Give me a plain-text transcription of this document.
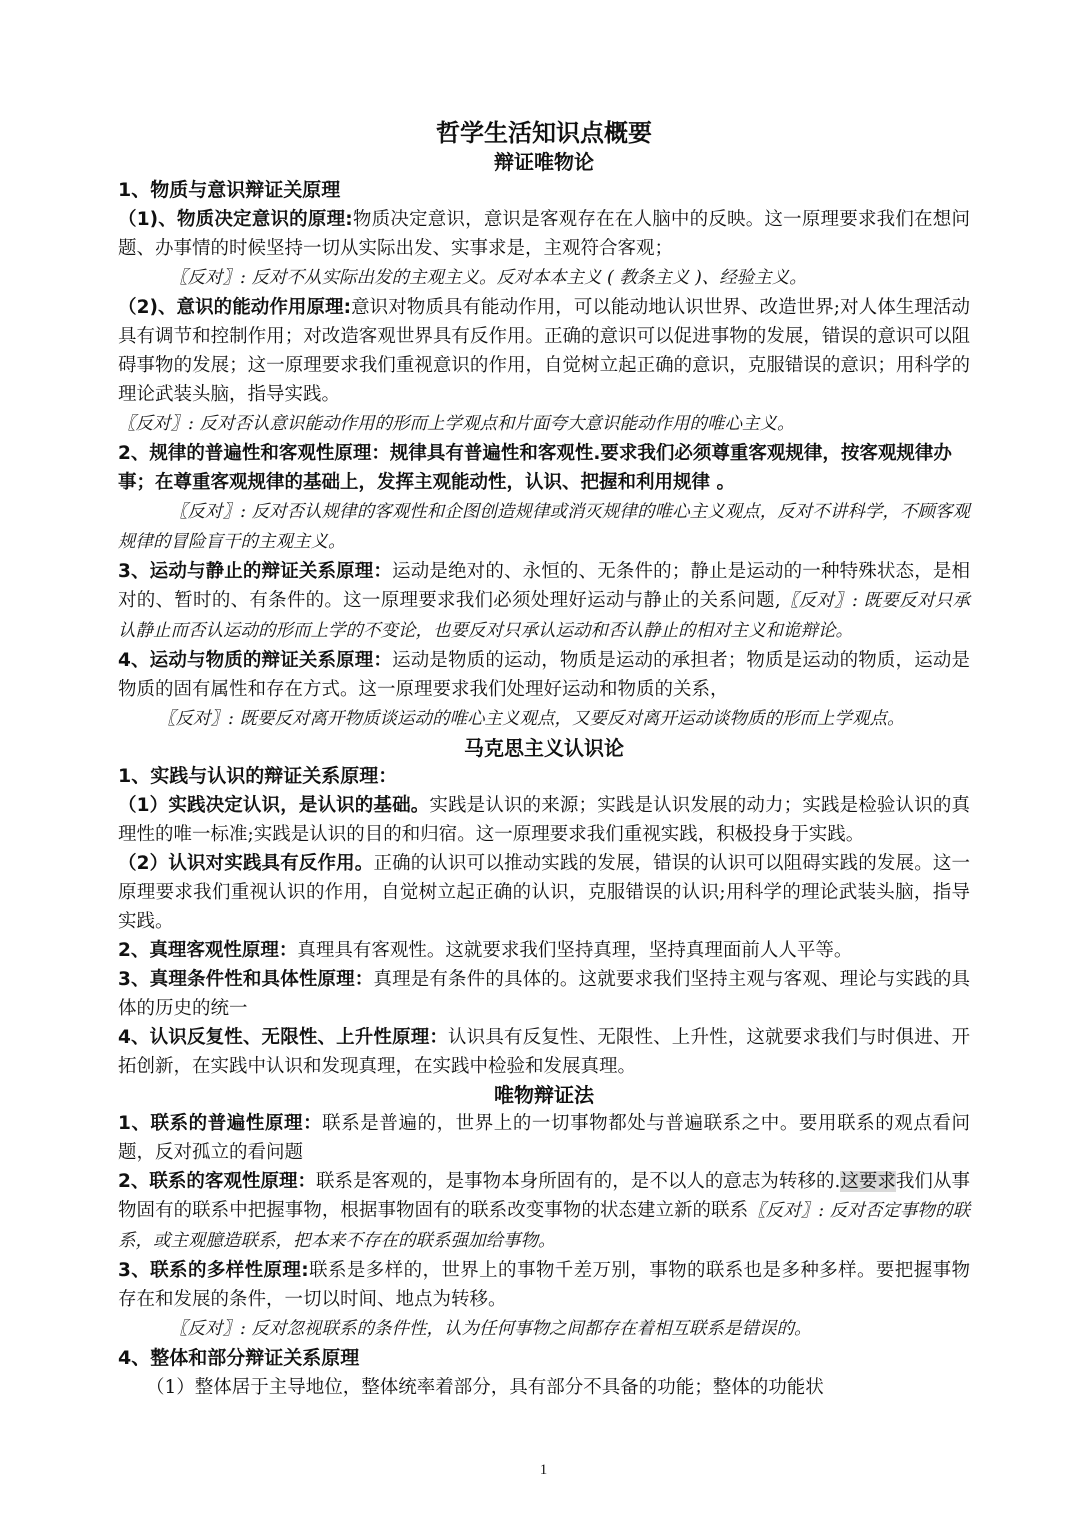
哲学生活知识点概要

辩证唯物论

1、物质与意识辩证关原理

（1)、物质决定意识的原理:物质决定意识，意识是客观存在在人脑中的反映。这一原理要求我们在想问题、办事情的时候坚持一切从实际出发、实事求是，主观符合客观；

〖反对〗: 反对不从实际出发的主观主义。反对本本主义 ( 教条主义 )、经验主义。

（2)、意识的能动作用原理:意识对物质具有能动作用，可以能动地认识世界、改造世界;对人体生理活动具有调节和控制作用；对改造客观世界具有反作用。正确的意识可以促进事物的发展，错误的意识可以阻碍事物的发展；这一原理要求我们重视意识的作用，自觉树立起正确的意识，克服错误的意识；用科学的理论武装头脑，指导实践。

〖反对〗: 反对否认意识能动作用的形而上学观点和片面夸大意识能动作用的唯心主义。

2、规律的普遍性和客观性原理：规律具有普遍性和客观性.要求我们必须尊重客观规律，按客观规律办事；在尊重客观规律的基础上，发挥主观能动性，认识、把握和利用规律 。

〖反对〗: 反对否认规律的客观性和企图创造规律或消灭规律的唯心主义观点，反对不讲科学，不顾客观规律的冒险盲干的主观主义。

3、运动与静止的辩证关系原理：运动是绝对的、永恒的、无条件的；静止是运动的一种特殊状态，是相对的、暂时的、有条件的。这一原理要求我们必须处理好运动与静止的关系问题,〖反对〗: 既要反对只承认静止而否认运动的形而上学的不变论，也要反对只承认运动和否认静止的相对主义和诡辩论。

4、运动与物质的辩证关系原理：运动是物质的运动，物质是运动的承担者；物质是运动的物质，运动是物质的固有属性和存在方式。这一原理要求我们处理好运动和物质的关系，

〖反对〗: 既要反对离开物质谈运动的唯心主义观点，又要反对离开运动谈物质的形而上学观点。

马克思主义认识论

1、实践与认识的辩证关系原理：

（1）实践决定认识，是认识的基础。实践是认识的来源；实践是认识发展的动力；实践是检验认识的真理性的唯一标准;实践是认识的目的和归宿。这一原理要求我们重视实践，积极投身于实践。

（2）认识对实践具有反作用。正确的认识可以推动实践的发展，错误的认识可以阻碍实践的发展。这一原理要求我们重视认识的作用，自觉树立起正确的认识，克服错误的认识;用科学的理论武装头脑，指导实践。

2、真理客观性原理：真理具有客观性。这就要求我们坚持真理，坚持真理面前人人平等。

3、真理条件性和具体性原理：真理是有条件的具体的。这就要求我们坚持主观与客观、理论与实践的具体的历史的统一

4、认识反复性、无限性、上升性原理：认识具有反复性、无限性、上升性，这就要求我们与时俱进、开拓创新，在实践中认识和发现真理，在实践中检验和发展真理。

唯物辩证法

1、联系的普遍性原理：联系是普遍的，世界上的一切事物都处与普遍联系之中。要用联系的观点看问题，反对孤立的看问题

2、联系的客观性原理：联系是客观的，是事物本身所固有的，是不以人的意志为转移的.这要求我们从事物固有的联系中把握事物，根据事物固有的联系改变事物的状态建立新的联系〖反对〗: 反对否定事物的联系，或主观臆造联系，把本来不存在的联系强加给事物。

3、联系的多样性原理:联系是多样的，世界上的事物千差万别，事物的联系也是多种多样。要把握事物存在和发展的条件，一切以时间、地点为转移。

〖反对〗: 反对忽视联系的条件性，认为任何事物之间都存在着相互联系是错误的。

4、整体和部分辩证关系原理

（1）整体居于主导地位，整体统率着部分，具有部分不具备的功能；整体的功能状

1
